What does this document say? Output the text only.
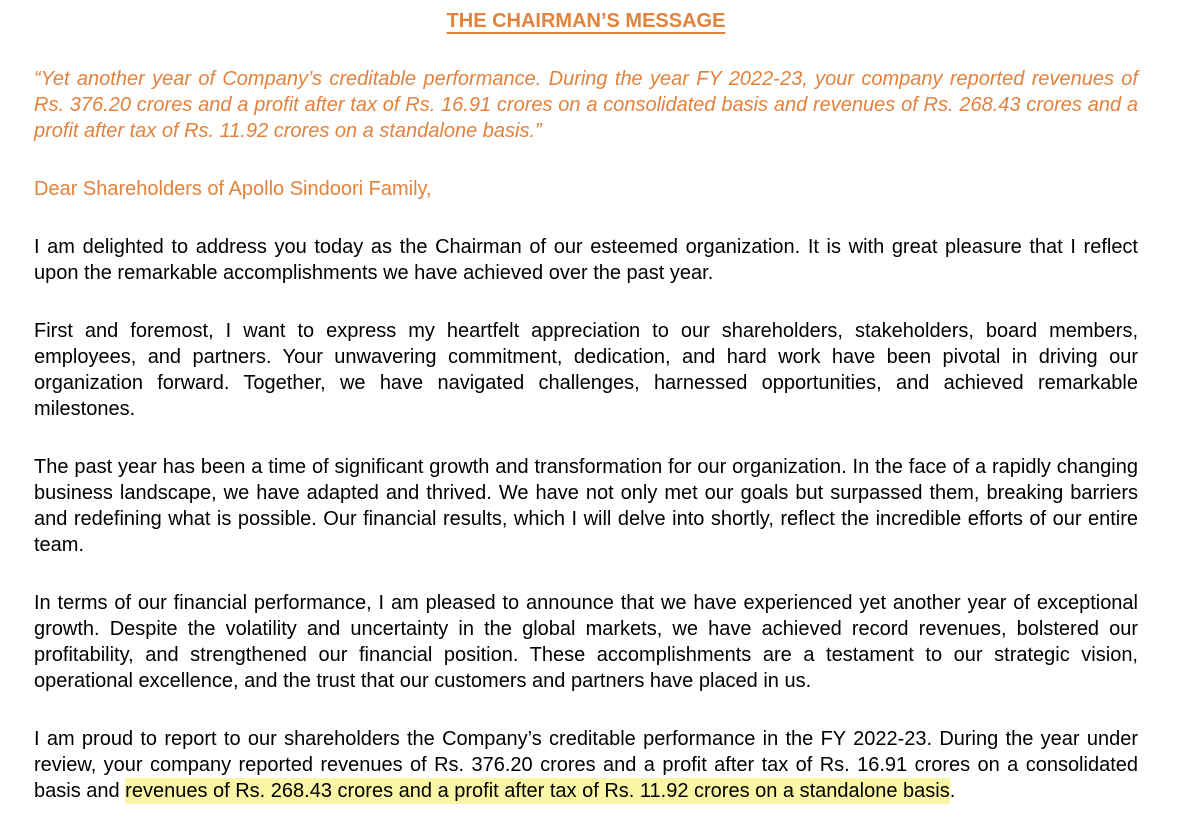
THE CHAIRMAN’S MESSAGE

“Yet another year of Company’s creditable performance. During the year FY 2022-23, your company reported revenues of Rs. 376.20 crores and a profit after tax of Rs. 16.91 crores on a consolidated basis and revenues of Rs. 268.43 crores and a profit after tax of Rs. 11.92 crores on a standalone basis.”

Dear Shareholders of Apollo Sindoori Family,

I am delighted to address you today as the Chairman of our esteemed organization. It is with great pleasure that I reflect upon the remarkable accomplishments we have achieved over the past year.

First and foremost, I want to express my heartfelt appreciation to our shareholders, stakeholders, board members, employees, and partners. Your unwavering commitment, dedication, and hard work have been pivotal in driving our organization forward. Together, we have navigated challenges, harnessed opportunities, and achieved remarkable milestones.

The past year has been a time of significant growth and transformation for our organization. In the face of a rapidly changing business landscape, we have adapted and thrived. We have not only met our goals but surpassed them, breaking barriers and redefining what is possible. Our financial results, which I will delve into shortly, reflect the incredible efforts of our entire team.

In terms of our financial performance, I am pleased to announce that we have experienced yet another year of exceptional growth. Despite the volatility and uncertainty in the global markets, we have achieved record revenues, bolstered our profitability, and strengthened our financial position. These accomplishments are a testament to our strategic vision, operational excellence, and the trust that our customers and partners have placed in us.

I am proud to report to our shareholders the Company’s creditable performance in the FY 2022-23. During the year under review, your company reported revenues of Rs. 376.20 crores and a profit after tax of Rs. 16.91 crores on a consolidated basis and revenues of Rs. 268.43 crores and a profit after tax of Rs. 11.92 crores on a standalone basis.
